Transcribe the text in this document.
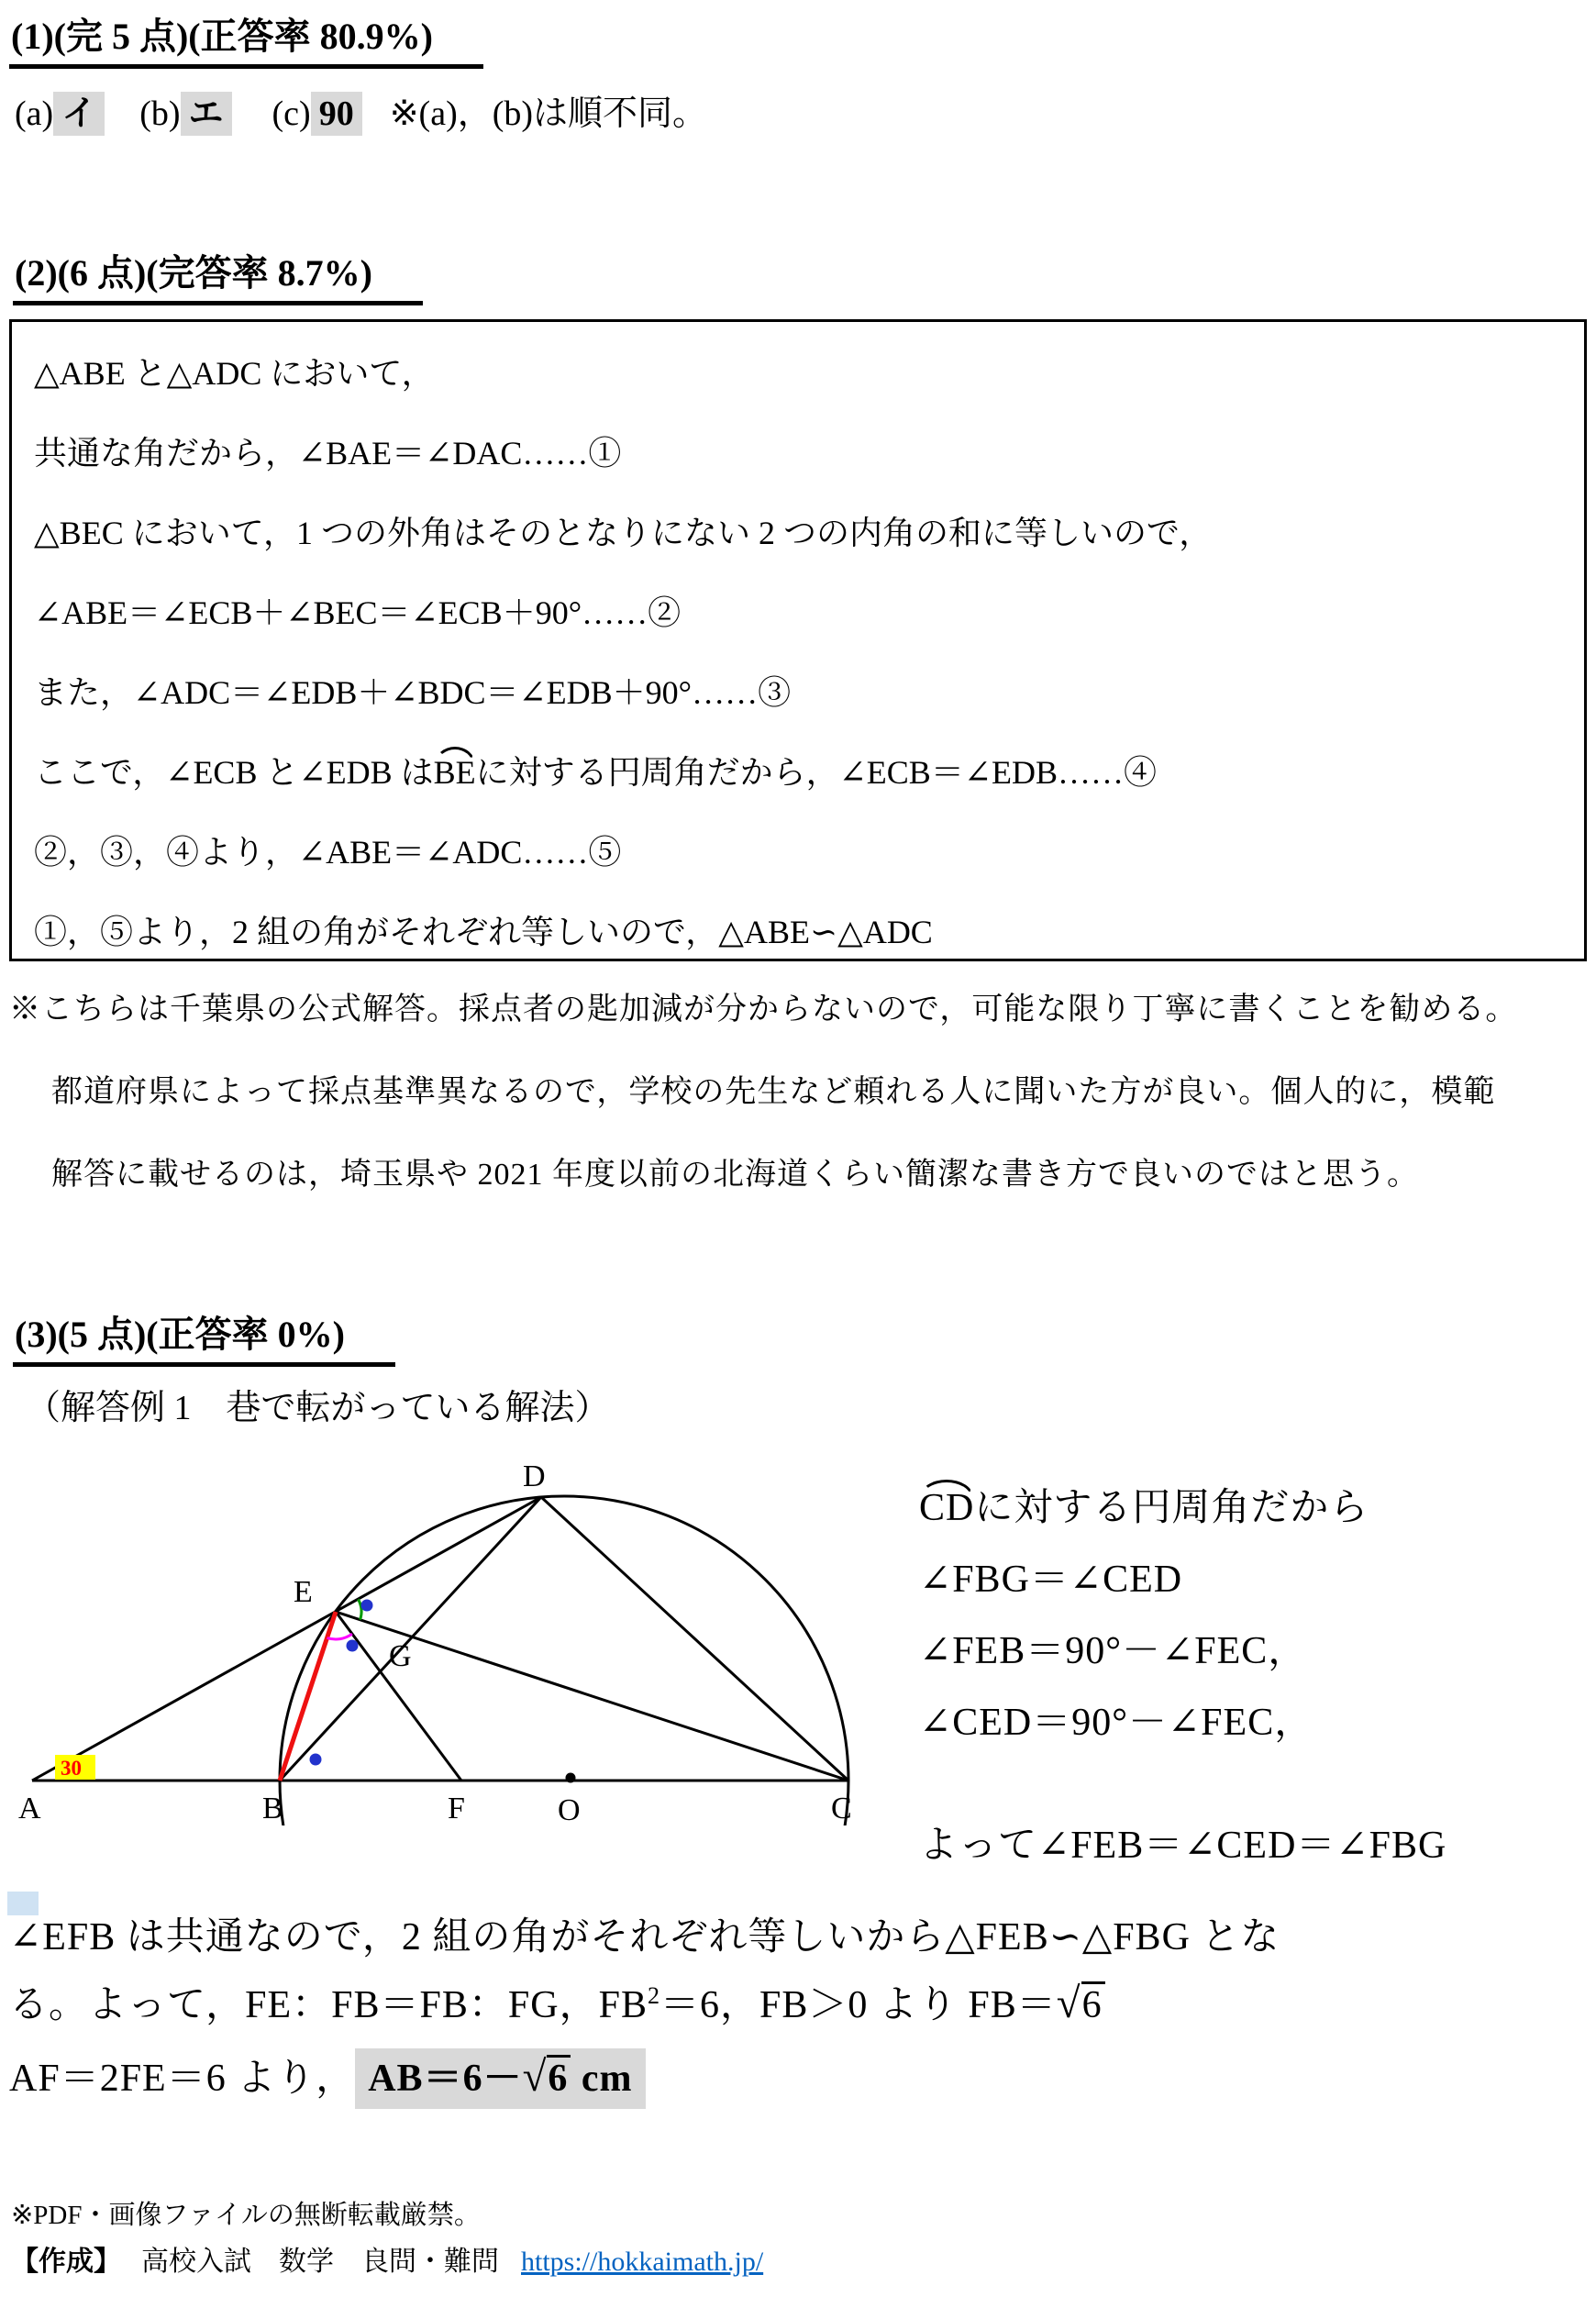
(1)(完 5 点)(正答率 80.9%)
(a) イ (b) エ (c) 90 ※(a)，(b)は順不同。
(2)(6 点)(完答率 8.7%)
△ABE と△ADC において，
共通な角だから，∠BAE＝∠DAC……①
△BEC において，1 つの外角はそのとなりにない 2 つの内角の和に等しいので，
∠ABE＝∠ECB＋∠BEC＝∠ECB＋90°……②
また，∠ADC＝∠EDB＋∠BDC＝∠EDB＋90°……③
ここで，∠ECB と∠EDB はBEに対する円周角だから，∠ECB＝∠EDB……④
②，③，④より，∠ABE＝∠ADC……⑤
①，⑤より，2 組の角がそれぞれ等しいので，△ABE∽△ADC
※こちらは千葉県の公式解答。採点者の匙加減が分からないので，可能な限り丁寧に書くことを勧める。
都道府県によって採点基準異なるので，学校の先生など頼れる人に聞いた方が良い。個人的に，模範
解答に載せるのは，埼玉県や 2021 年度以前の北海道くらい簡潔な書き方で良いのではと思う。
(3)(5 点)(正答率 0%)
（解答例 1　巷で転がっている解法）
30
A	B	F	O	C
D
E
G
CDに対する円周角だから
∠FBG＝∠CED
∠FEB＝90°－∠FEC，
∠CED＝90°－∠FEC，
よって∠FEB＝∠CED＝∠FBG
∠EFB は共通なので，2 組の角がそれぞれ等しいから△FEB∽△FBG とな
る。よって，FE：FB＝FB：FG，$FB^2=6$，FB＞0 より FB＝√6
AF＝2FE＝6 より， AB＝6－√6 cm
※PDF・画像ファイルの無断転載厳禁。
【作成】 高校入試　数学　良問・難問 https://hokkaimath.jp/
